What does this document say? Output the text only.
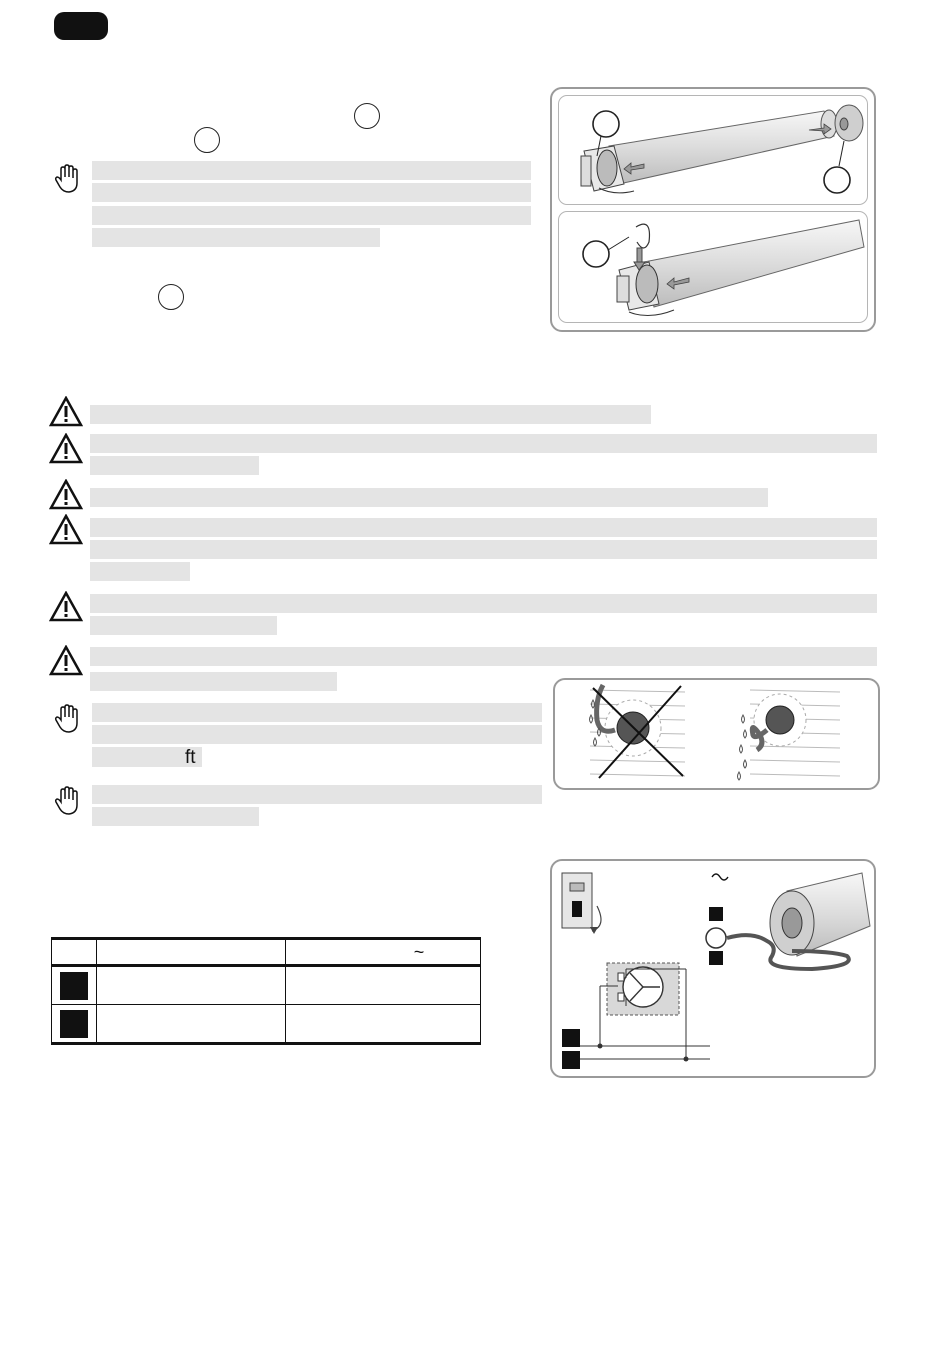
ft
		~
